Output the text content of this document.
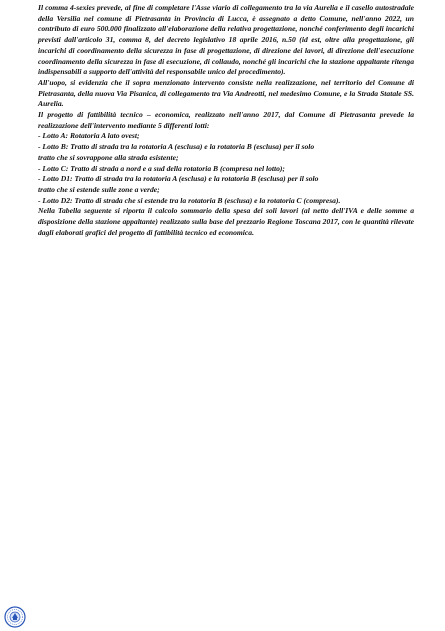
Il comma 4-sexies prevede, al fine di completare l'Asse viario di collegamento tra la via Aurelia e il casello autostradale della Versilia nel comune di Pietrasanta in Provincia di Lucca, è assegnato a detto Comune, nell'anno 2022, un contributo di euro 500.000 finalizzato all'elaborazione della relativa progettazione, nonché conferimento degli incarichi previsti dall'articolo 31, comma 8, del decreto legislativo 18 aprile 2016, n.50 (id est, oltre alla progettazione, gli incarichi di coordinamento della sicurezza in fase di progettazione, di direzione dei lavori, di direzione dell'esecuzione coordinamento della sicurezza in fase di esecuzione, di collaudo, nonché gli incarichi che la stazione appaltante ritenga indispensabili a supporto dell'attività del responsabile unico del procedimento).

All'uopo, si evidenzia che il sopra menzionato intervento consiste nella realizzazione, nel territorio del Comune di Pietrasanta, della nuova Via Pisanica, di collegamento tra Via Andreotti, nel medesimo Comune, e la Strada Statale SS. Aurelia.

Il progetto di fattibilità tecnico – economica, realizzato nell'anno 2017, dal Comune di Pietrasanta prevede la realizzazione dell'intervento mediante 5 differenti lotti:

- Lotto A: Rotatoria A lato ovest;
- Lotto B: Tratto di strada tra la rotatoria A (esclusa) e la rotatoria B (esclusa) per il solo
tratto che si sovrappone alla strada esistente;
- Lotto C: Tratto di strada a nord e a sud della rotatoria B (compresa nel lotto);
- Lotto D1: Tratto di strada tra la rotatoria A (esclusa) e la rotatoria B (esclusa) per il solo
tratto che si estende sulle zone a verde;
- Lotto D2: Tratto di strada che si estende tra la rotatoria B (esclusa) e la rotatoria C (compresa).

Nella Tabella seguente si riporta il calcolo sommario della spesa dei soli lavori (al netto dell'IVA e delle somme a disposizione della stazione appaltante) realizzato sulla base del prezzario Regione Toscana 2017, con le quantità rilevate dagli elaborati grafici del progetto di fattibilità tecnico ed economica.
